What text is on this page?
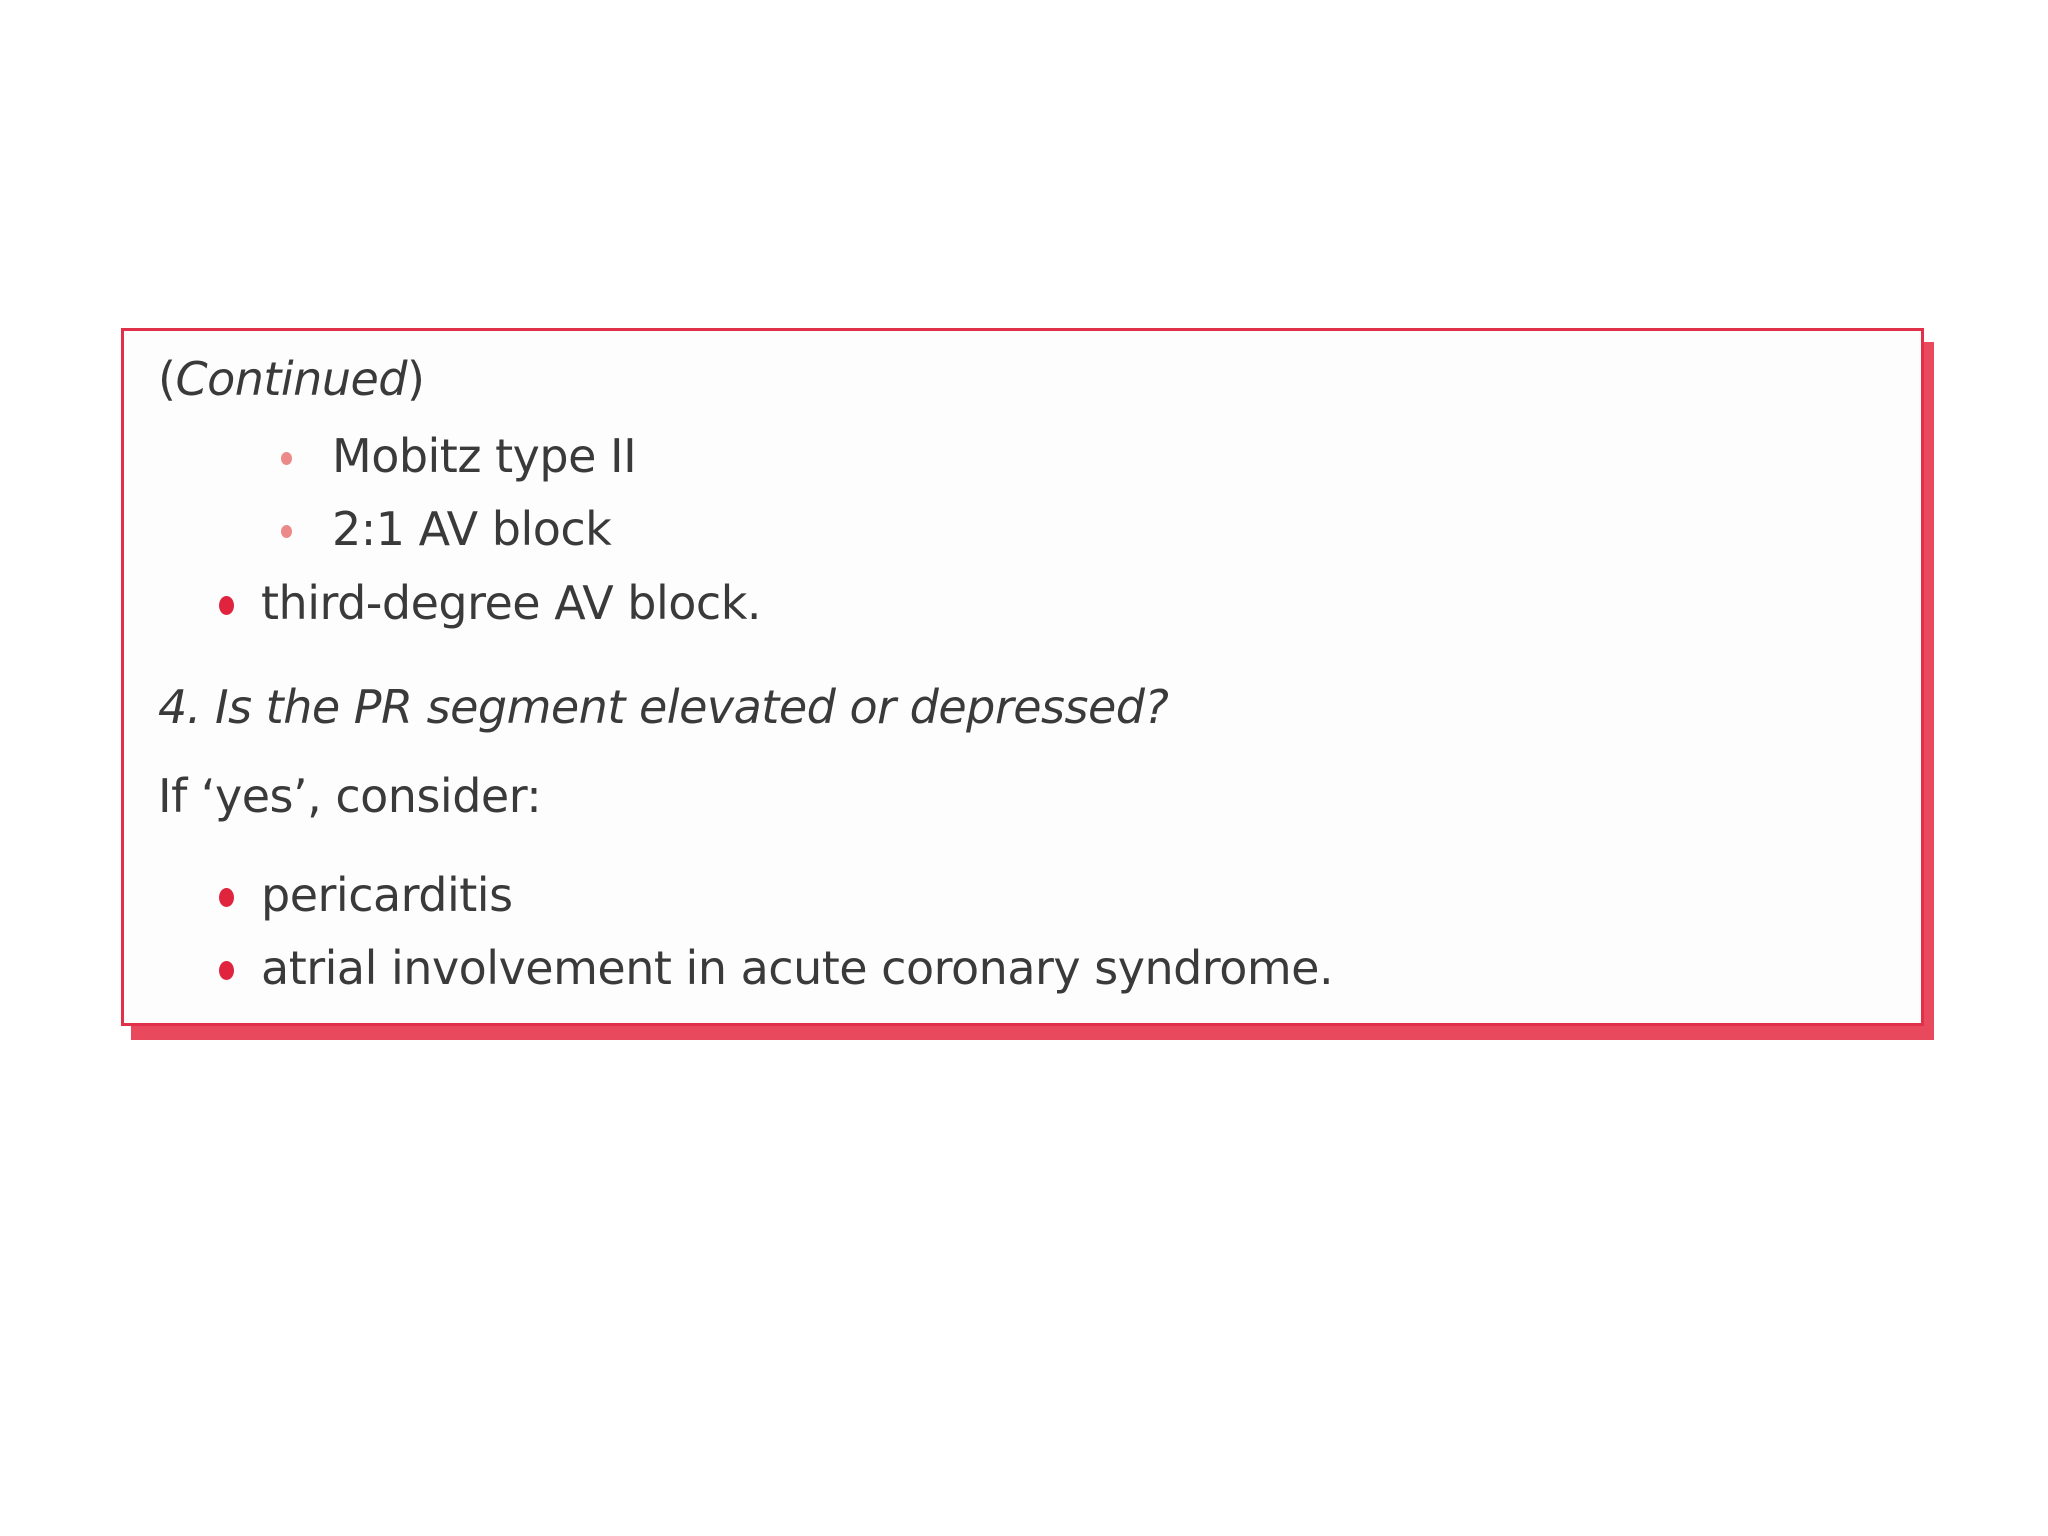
(Continued)
Mobitz type II
2:1 AV block
third-degree AV block.
4. Is the PR segment elevated or depressed?
If ‘yes’, consider:
pericarditis
atrial involvement in acute coronary syndrome.
